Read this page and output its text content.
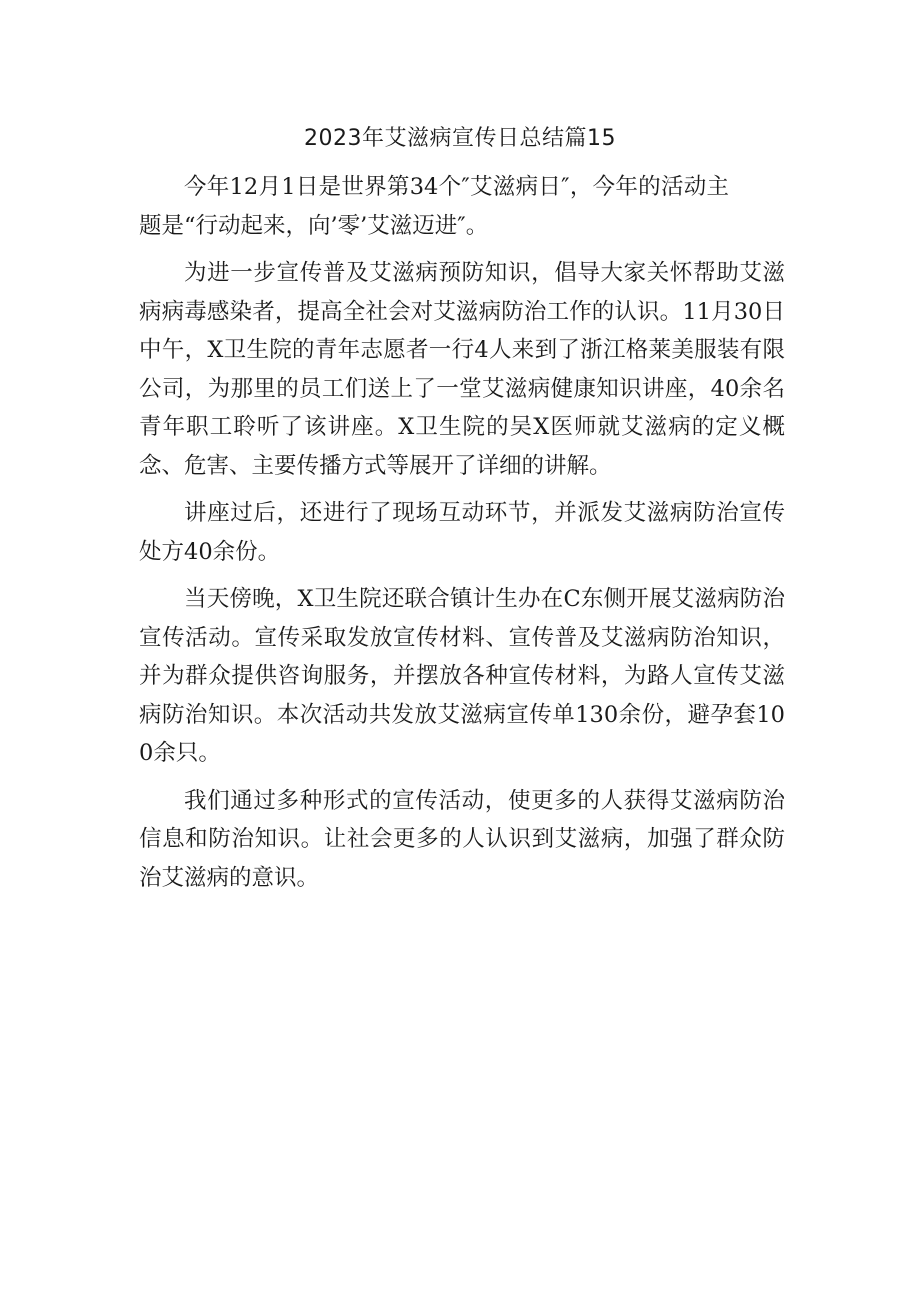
2023年艾滋病宣传日总结篇15

今年12月1日是世界第34个″艾滋病日″，今年的活动主题是“行动起来，向’零’艾滋迈进″。

为进一步宣传普及艾滋病预防知识，倡导大家关怀帮助艾滋病病毒感染者，提高全社会对艾滋病防治工作的认识。11月30日中午，X卫生院的青年志愿者一行4人来到了浙江格莱美服装有限公司，为那里的员工们送上了一堂艾滋病健康知识讲座，40余名青年职工聆听了该讲座。X卫生院的吴X医师就艾滋病的定义概念、危害、主要传播方式等展开了详细的讲解。

讲座过后，还进行了现场互动环节，并派发艾滋病防治宣传处方40余份。

当天傍晚，X卫生院还联合镇计生办在C东侧开展艾滋病防治宣传活动。宣传采取发放宣传材料、宣传普及艾滋病防治知识，并为群众提供咨询服务，并摆放各种宣传材料，为路人宣传艾滋病防治知识。本次活动共发放艾滋病宣传单130余份，避孕套100余只。

我们通过多种形式的宣传活动，使更多的人获得艾滋病防治信息和防治知识。让社会更多的人认识到艾滋病，加强了群众防治艾滋病的意识。
